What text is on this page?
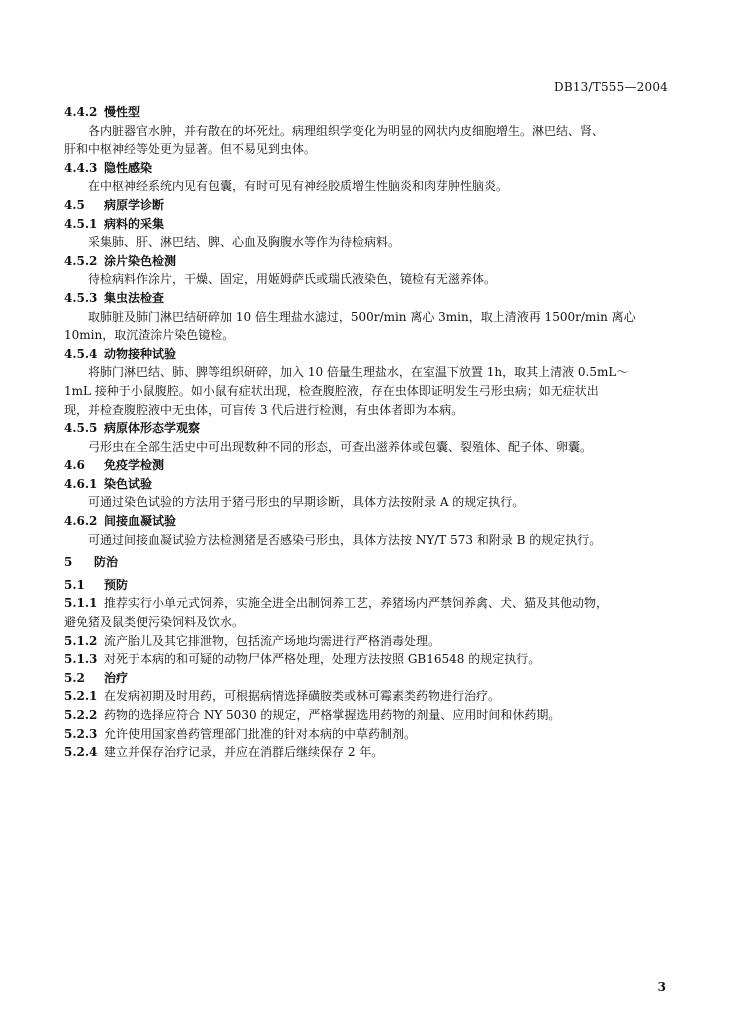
DB13/T555—2004
4.4.2 慢性型
各内脏器官水肿，并有散在的坏死灶。病理组织学变化为明显的网状内皮细胞增生。淋巴结、肾、
肝和中枢神经等处更为显著。但不易见到虫体。
4.4.3 隐性感染
在中枢神经系统内见有包囊，有时可见有神经胶质增生性脑炎和肉芽肿性脑炎。
4.5 病原学诊断
4.5.1 病料的采集
采集肺、肝、淋巴结、脾、心血及胸腹水等作为待检病料。
4.5.2 涂片染色检测
待检病料作涂片，干燥、固定，用姬姆萨氏或瑞氏液染色，镜检有无滋养体。
4.5.3 集虫法检查
取肺脏及肺门淋巴结研碎加 10 倍生理盐水滤过，500r/min 离心 3min，取上清液再 1500r/min 离心
10min，取沉渣涂片染色镜检。
4.5.4 动物接种试验
将肺门淋巴结、肺、脾等组织研碎，加入 10 倍量生理盐水，在室温下放置 1h，取其上清液 0.5mL～
1mL 接种于小鼠腹腔。如小鼠有症状出现，检查腹腔液，存在虫体即证明发生弓形虫病；如无症状出
现，并检查腹腔液中无虫体，可盲传 3 代后进行检测，有虫体者即为本病。
4.5.5 病原体形态学观察
弓形虫在全部生活史中可出现数种不同的形态，可查出滋养体或包囊、裂殖体、配子体、卵囊。
4.6 免疫学检测
4.6.1 染色试验
可通过染色试验的方法用于猪弓形虫的早期诊断，具体方法按附录 A 的规定执行。
4.6.2 间接血凝试验
可通过间接血凝试验方法检测猪是否感染弓形虫，具体方法按 NY/T 573 和附录 B 的规定执行。
5 防治
5.1 预防
5.1.1 推荐实行小单元式饲养，实施全进全出制饲养工艺，养猪场内严禁饲养禽、犬、猫及其他动物，
避免猪及鼠类便污染饲料及饮水。
5.1.2 流产胎儿及其它排泄物，包括流产场地均需进行严格消毒处理。
5.1.3 对死于本病的和可疑的动物尸体严格处理，处理方法按照 GB16548 的规定执行。
5.2 治疗
5.2.1 在发病初期及时用药，可根据病情选择磺胺类或林可霉素类药物进行治疗。
5.2.2 药物的选择应符合 NY 5030 的规定，严格掌握选用药物的剂量、应用时间和休药期。
5.2.3 允许使用国家兽药管理部门批准的针对本病的中草药制剂。
5.2.4 建立并保存治疗记录，并应在消群后继续保存 2 年。
3
